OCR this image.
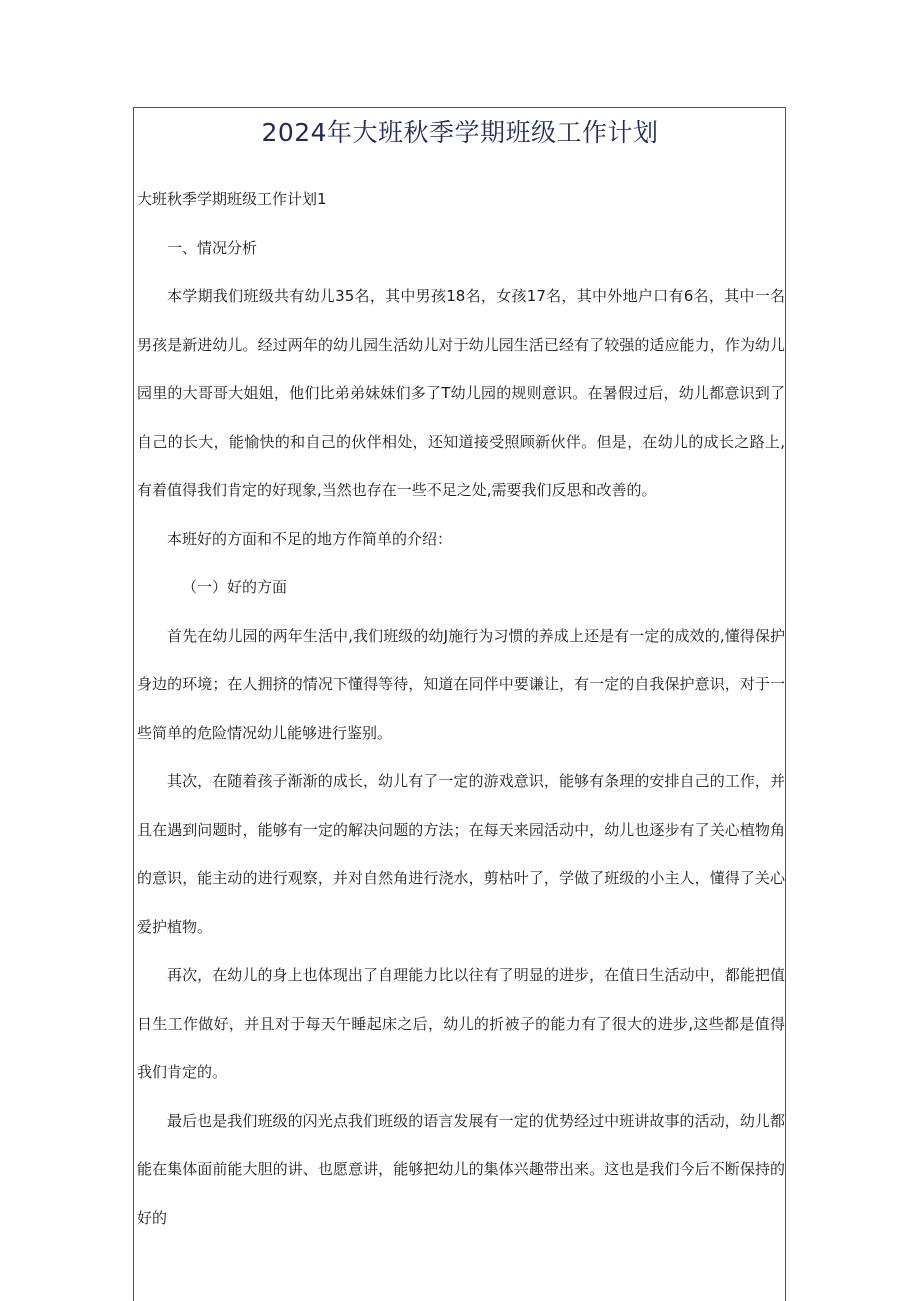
2024年大班秋季学期班级工作计划

大班秋季学期班级工作计划1

一、情况分析

本学期我们班级共有幼儿35名，其中男孩18名，女孩17名，其中外地户口有6名，其中一名男孩是新进幼儿。经过两年的幼儿园生活幼儿对于幼儿园生活已经有了较强的适应能力，作为幼儿园里的大哥哥大姐姐，他们比弟弟妹妹们多了T幼儿园的规则意识。在暑假过后，幼儿都意识到了自己的长大，能愉快的和自己的伙伴相处，还知道接受照顾新伙伴。但是，在幼儿的成长之路上,有着值得我们肯定的好现象,当然也存在一些不足之处,需要我们反思和改善的。

本班好的方面和不足的地方作简单的介绍：

（一）好的方面

首先在幼儿园的两年生活中,我们班级的幼J施行为习惯的养成上还是有一定的成效的,懂得保护身边的环境；在人拥挤的情况下懂得等待，知道在同伴中要谦让，有一定的自我保护意识，对于一些简单的危险情况幼儿能够进行鉴别。

其次，在随着孩子渐渐的成长，幼儿有了一定的游戏意识，能够有条理的安排自己的工作，并且在遇到问题时，能够有一定的解决问题的方法；在每天来园活动中，幼儿也逐步有了关心植物角的意识，能主动的进行观察，并对自然角进行浇水，剪枯叶了，学做了班级的小主人，懂得了关心爱护植物。

再次，在幼儿的身上也体现出了自理能力比以往有了明显的进步，在值日生活动中，都能把值日生工作做好，并且对于每天午睡起床之后，幼儿的折被子的能力有了很大的进步,这些都是值得我们肯定的。

最后也是我们班级的闪光点我们班级的语言发展有一定的优势经过中班讲故事的活动，幼儿都能在集体面前能大胆的讲、也愿意讲，能够把幼儿的集体兴趣带出来。这也是我们今后不断保持的好的
